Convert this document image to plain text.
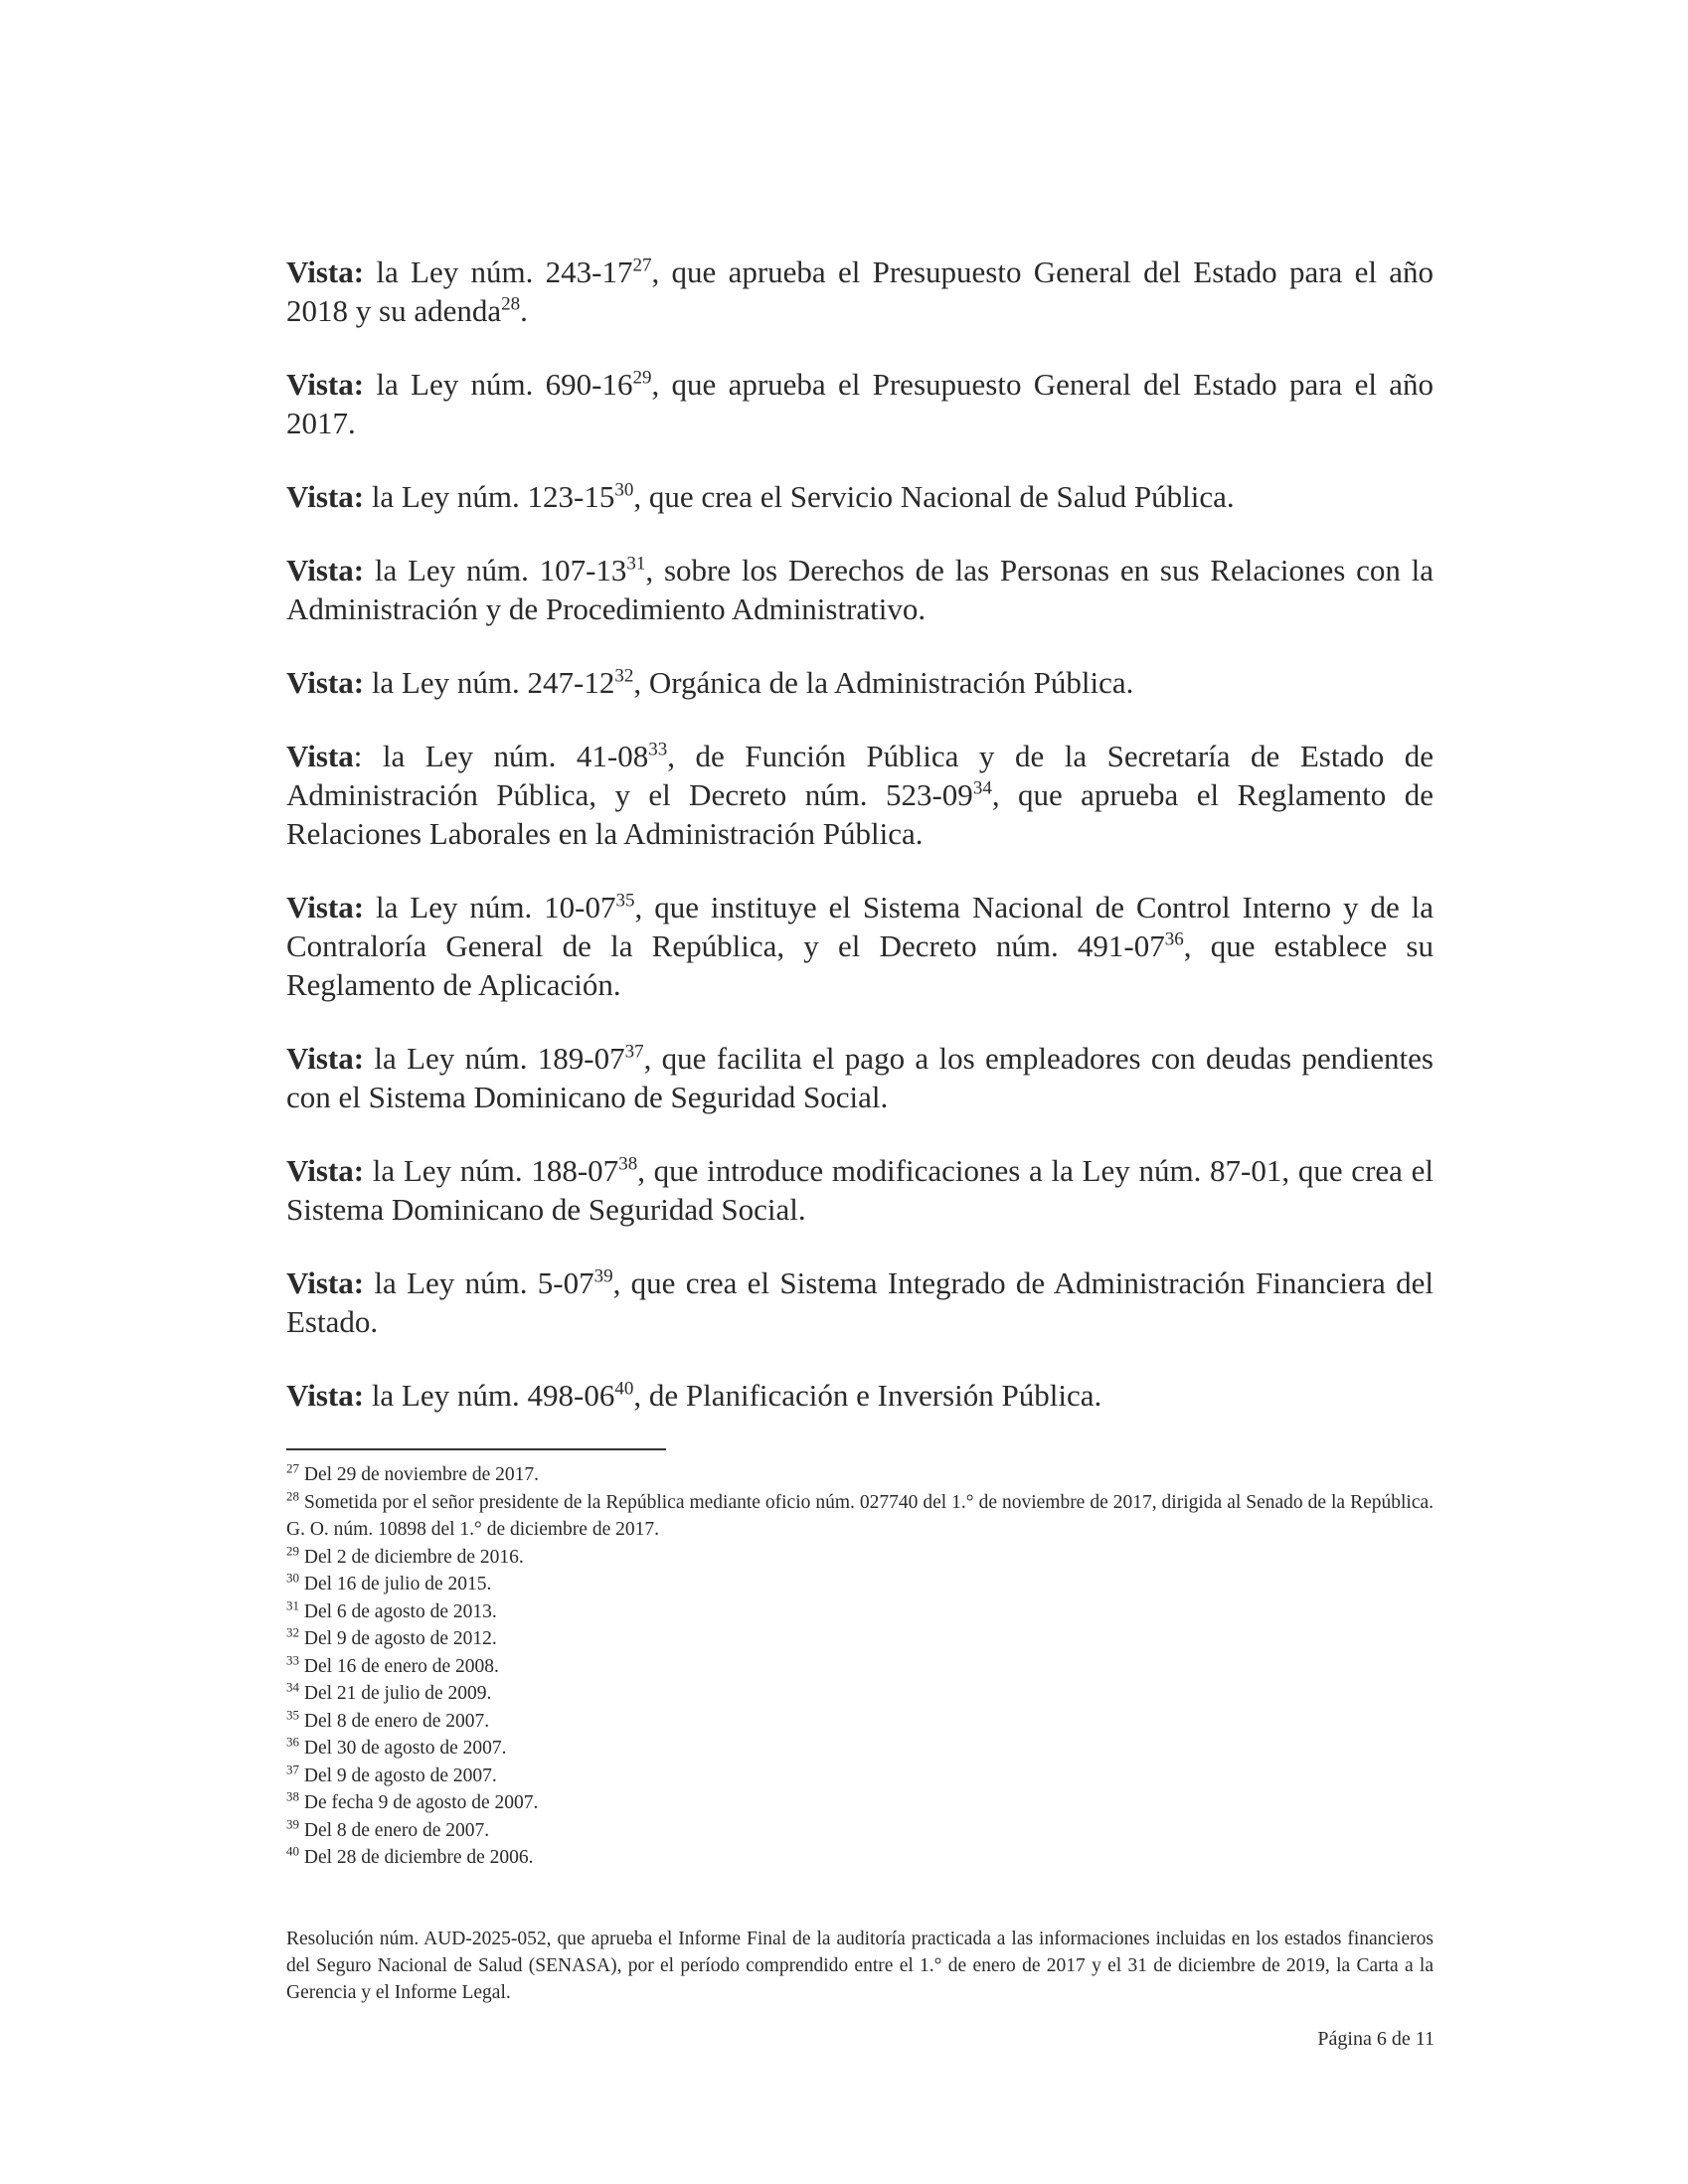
Vista: la Ley núm. $243-17^{27}$, que aprueba el Presupuesto General del Estado para el año 2018 y su adenda$^{28}$.

Vista: la Ley núm. $690-16^{29}$, que aprueba el Presupuesto General del Estado para el año 2017.

Vista: la Ley núm. $123-15^{30}$, que crea el Servicio Nacional de Salud Pública.

Vista: la Ley núm. $107-13^{31}$, sobre los Derechos de las Personas en sus Relaciones con la Administración y de Procedimiento Administrativo.

Vista: la Ley núm. $247-12^{32}$, Orgánica de la Administración Pública.

Vista: la Ley núm. $41-08^{33}$, de Función Pública y de la Secretaría de Estado de Administración Pública, y el Decreto núm. $523-09^{34}$, que aprueba el Reglamento de Relaciones Laborales en la Administración Pública.

Vista: la Ley núm. $10-07^{35}$, que instituye el Sistema Nacional de Control Interno y de la Contraloría General de la República, y el Decreto núm. $491-07^{36}$, que establece su Reglamento de Aplicación.

Vista: la Ley núm. $189-07^{37}$, que facilita el pago a los empleadores con deudas pendientes con el Sistema Dominicano de Seguridad Social.

Vista: la Ley núm. $188-07^{38}$, que introduce modificaciones a la Ley núm. 87-01, que crea el Sistema Dominicano de Seguridad Social.

Vista: la Ley núm. $5-07^{39}$, que crea el Sistema Integrado de Administración Financiera del Estado.

Vista: la Ley núm. $498-06^{40}$, de Planificación e Inversión Pública.

$^{27}$ Del 29 de noviembre de 2017.

$^{28}$ Sometida por el señor presidente de la República mediante oficio núm. 027740 del 1.° de noviembre de 2017, dirigida al Senado de la República. G. O. núm. 10898 del 1.° de diciembre de 2017.

$^{29}$ Del 2 de diciembre de 2016.

$^{30}$ Del 16 de julio de 2015.

$^{31}$ Del 6 de agosto de 2013.

$^{32}$ Del 9 de agosto de 2012.

$^{33}$ Del 16 de enero de 2008.

$^{34}$ Del 21 de julio de 2009.

$^{35}$ Del 8 de enero de 2007.

$^{36}$ Del 30 de agosto de 2007.

$^{37}$ Del 9 de agosto de 2007.

$^{38}$ De fecha 9 de agosto de 2007.

$^{39}$ Del 8 de enero de 2007.

$^{40}$ Del 28 de diciembre de 2006.

Resolución núm. AUD-2025-052, que aprueba el Informe Final de la auditoría practicada a las informaciones incluidas en los estados financieros del Seguro Nacional de Salud (SENASA), por el período comprendido entre el 1.° de enero de 2017 y el 31 de diciembre de 2019, la Carta a la Gerencia y el Informe Legal.
Página 6 de 11
